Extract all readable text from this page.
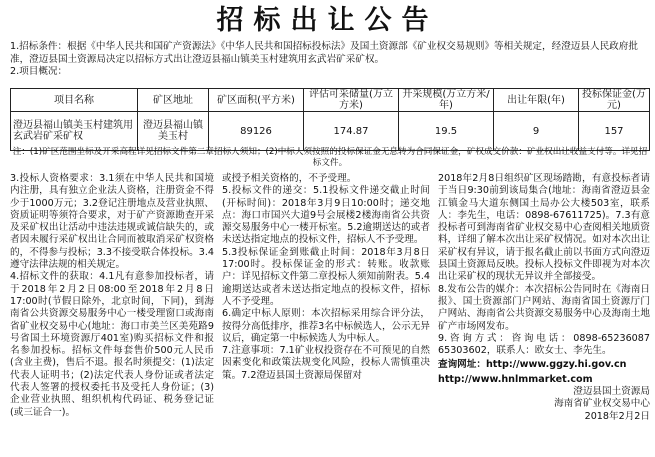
招标出让公告

1.招标条件：根据《中华人民共和国矿产资源法》《中华人民共和国招标投标法》及国土资源部《矿业权交易规则》等相关规定，经澄迈县人民政府批准，澄迈县国土资源局决定以招标方式出让澄迈县福山镇美玉村建筑用玄武岩矿采矿权。
2.项目概况：

项目名称	矿区地址	矿区面积(平方米)	评估可采储量(万立方米)	开采规模(万立方米/年)	出让年限(年)	投标保证金(万元)
澄迈县福山镇美玉村建筑用玄武岩矿采矿权	澄迈县福山镇美玉村	89126	174.87	19.5	9	157

注：(1)矿区范围坐标及开采高程详见招标文件第二章招标人须知；(2)中标人须按照的投标保证金无息转为合同保证金，矿权成交价款：矿业权出让收益支付等。详见招标文件。

3.投标人资格要求：3.1须在中华人民共和国境内注册，具有独立企业法人资格，注册资金不得少于1000万元；3.2登记注册地点及营业执照、资质证明等须符合要求，对于矿产资源勘查开采及采矿权出让活动中违法违规或诚信缺失的，或者因未履行采矿权出让合同而被取消采矿权资格的，不得参与投标；3.3不接受联合体投标。3.4遵守法律法规的相关规定。

4.招标文件的获取：4.1凡有意参加投标者，请于2018年2月2日08:00至2018年2月8日17:00时(节假日除外，北京时间，下同)，到海南省公共资源交易服务中心一楼受理窗口或海南省矿业权交易中心(地址：海口市美兰区美苑路9号省国土环境资源厅401室)购买招标文件和报名参加投标。招标文件每套售价500元人民币(含业主费)，售后不退。报名时须提交：(1)法定代表人证明书；(2)法定代表人身份证或者法定代表人签署的授权委托书及受托人身份证；(3)企业营业执照、组织机构代码证、税务登记证(或三证合一)。

或授予相关资格的，不予受理。

5.投标文件的递交：5.1投标文件递交截止时间(开标时间)：2018年3月9日10:00时；递交地点：海口市国兴大道9号会展楼2楼海南省公共资源交易服务中心一楼开标室。5.2逾期送达的或者未送达指定地点的投标文件，招标人不予受理。

5.3投标保证金到账截止时间：2018年3月8日17:00时。投标保证金的形式：转账。收款账户：详见招标文件第二章投标人须知前附表。5.4逾期送达或者未送达指定地点的投标文件，招标人不予受理。

6.确定中标人原则：本次招标采用综合评分法，按得分高低排序，推荐3名中标候选人，公示无异议后，确定第一中标候选人为中标人。

7.注意事项：7.1矿业权投资存在不可预见的自然因素变化和政策法规变化风险，投标人需慎重决策。7.2澄迈县国土资源局保留对

2018年2月8日组织矿区现场踏勘，有意投标者请于当日9:30前到该局集合(地址：海南省澄迈县金江镇金马大道东侧国土局办公大楼503室，联系人：李先生，电话：0898-67611725)。7.3有意投标者可到海南省矿业权交易中心查阅相关地质资料，详细了解本次出让采矿权情况。如对本次出让采矿权有异议，请于报名截止前以书面方式向澄迈县国土资源局反映。投标人投标文件即视为对本次出让采矿权的现状无异议并全部接受。

8.发布公告的媒介：本次招标公告同时在《海南日报》、国土资源部门户网站、海南省国土资源厅门户网站、海南省公共资源交易服务中心及海南土地矿产市场网发布。

9.咨询方式：咨询电话：0898-65236087 65303602，联系人：欧女士、李先生。

查询网址：http://www.ggzy.hi.gov.cn

http://www.hnlmmarket.com

澄迈县国土资源局

海南省矿业权交易中心

2018年2月2日
